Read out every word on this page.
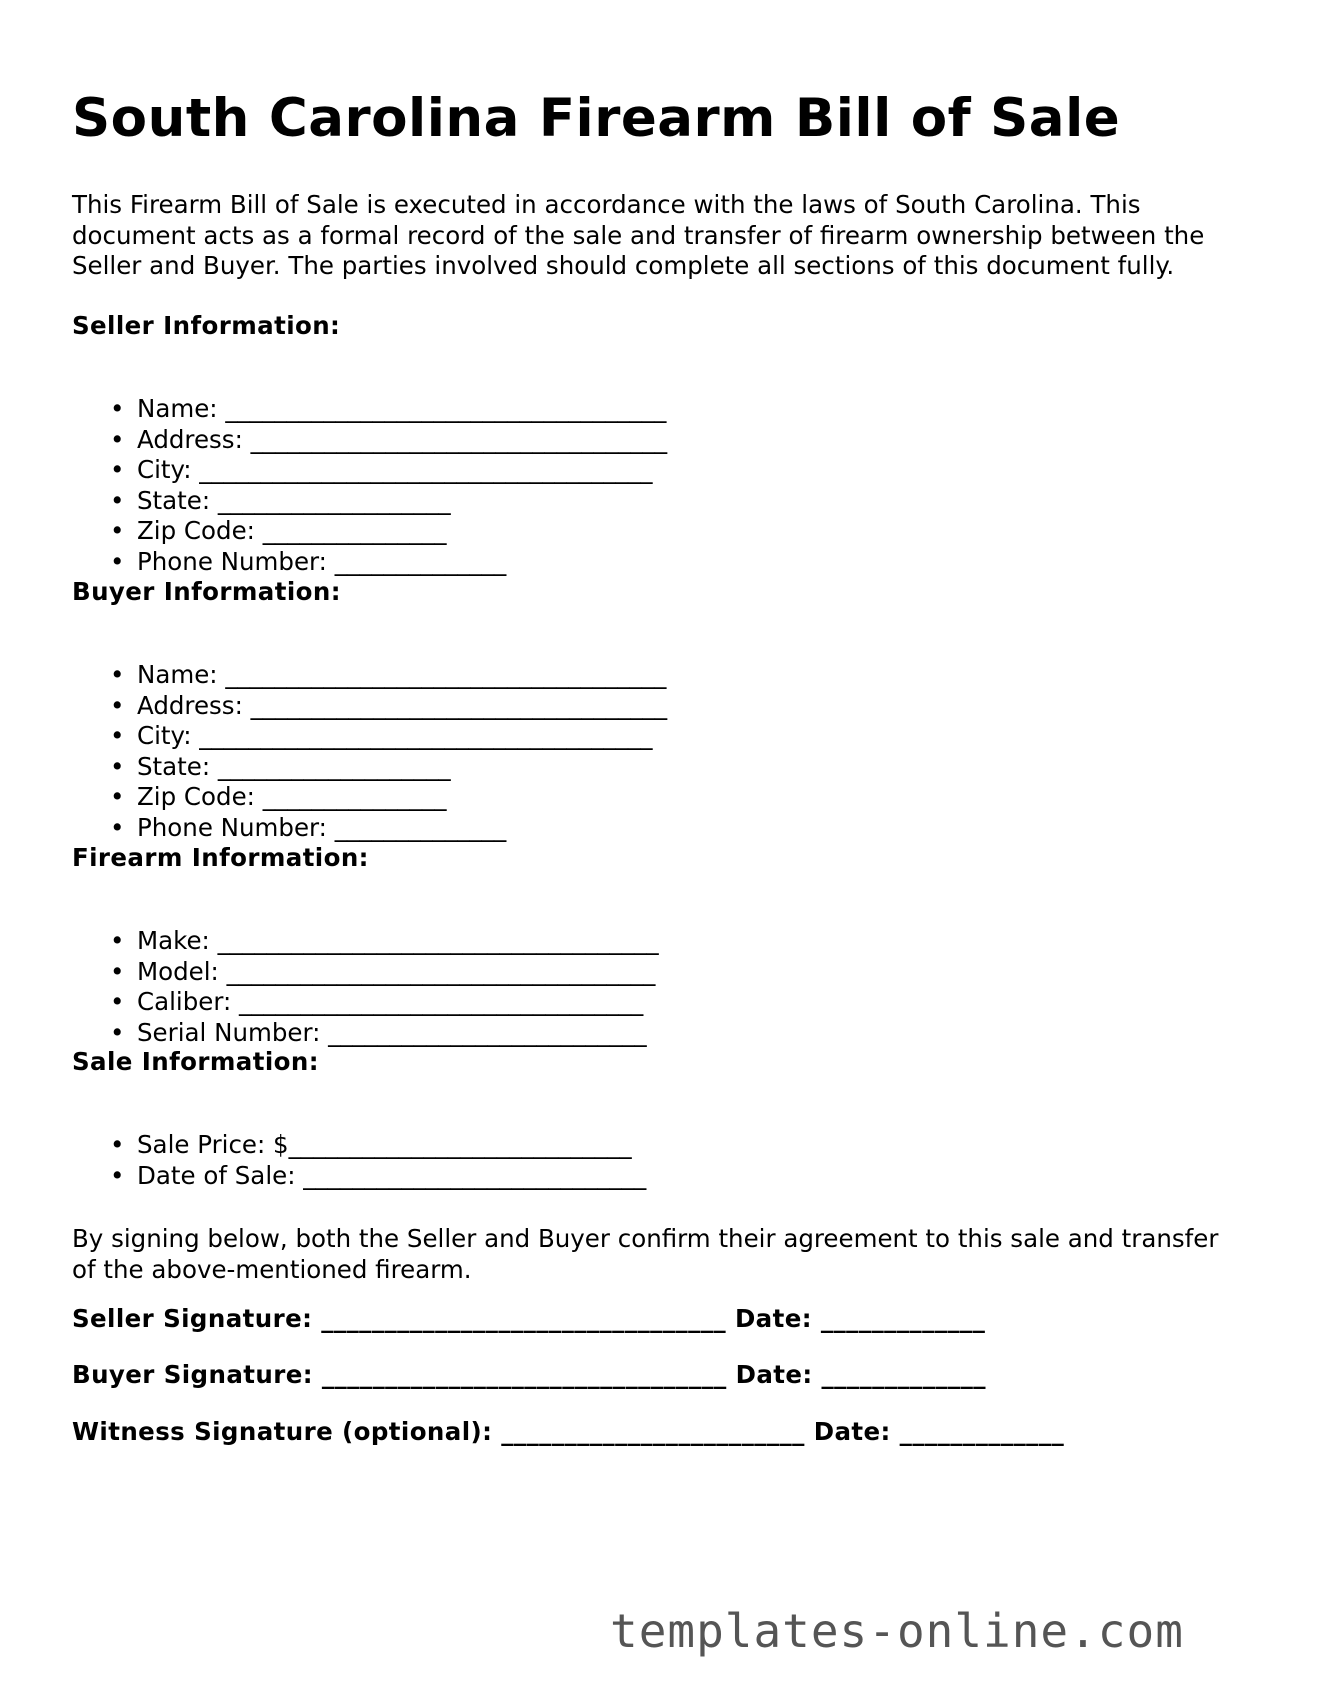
South Carolina Firearm Bill of Sale

This Firearm Bill of Sale is executed in accordance with the laws of South Carolina. This document acts as a formal record of the sale and transfer of firearm ownership between the Seller and Buyer. The parties involved should complete all sections of this document fully.

Seller Information:

• Name: ____________________________________
• Address: __________________________________
• City: _____________________________________
• State: ___________________
• Zip Code: _______________
• Phone Number: ______________

Buyer Information:

• Name: ____________________________________
• Address: __________________________________
• City: _____________________________________
• State: ___________________
• Zip Code: _______________
• Phone Number: ______________

Firearm Information:

• Make: ____________________________________
• Model: ___________________________________
• Caliber: _________________________________
• Serial Number: __________________________

Sale Information:

• Sale Price: $____________________________
• Date of Sale: ____________________________

By signing below, both the Seller and Buyer confirm their agreement to this sale and transfer of the above-mentioned firearm.

Seller Signature: ________________________________ Date: _____________

Buyer Signature: ________________________________ Date: _____________

Witness Signature (optional): ________________________ Date: _____________

templates-online.com
